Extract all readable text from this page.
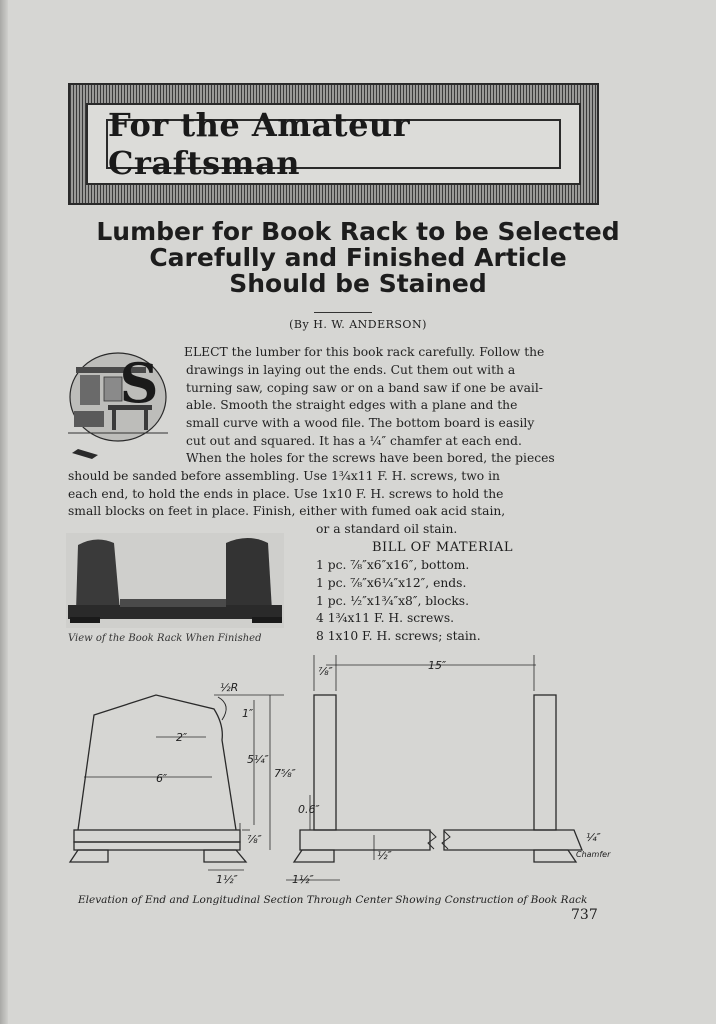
For the Amateur Craftsman
Lumber for Book Rack to be Selected
Carefully and Finished Article
Should be Stained
(By H. W. ANDERSON)
S ELECT the lumber for this book rack carefully. Follow the
drawings in laying out the ends. Cut them out with a
turning saw, coping saw or on a band saw if one be avail-
able. Smooth the straight edges with a plane and the
small curve with a wood file. The bottom board is easily
cut out and squared. It has a ¼″ chamfer at each end.
When the holes for the screws have been bored, the pieces
should be sanded before assembling. Use 1¾x11 F. H. screws, two in
each end, to hold the ends in place. Use 1x10 F. H. screws to hold the
small blocks on feet in place. Finish, either with fumed oak acid stain,
or a standard oil stain.
BILL OF MATERIAL
1 pc. ⅞″x6″x16″, bottom.
1 pc. ⅞″x6¼″x12″, ends.
1 pc. ½″x1¾″x8″, blocks.
4 1¾x11 F. H. screws.
8 1x10 F. H. screws; stain.
View of the Book Rack When Finished
½R
1″
2″
6″
5¼″
7⅝″
⅞″
1½″	1½″
⅞″	15″
0.6″
½″
¼″
Chamfer
Elevation of End and Longitudinal Section Through Center Showing Construction of Book Rack
737
